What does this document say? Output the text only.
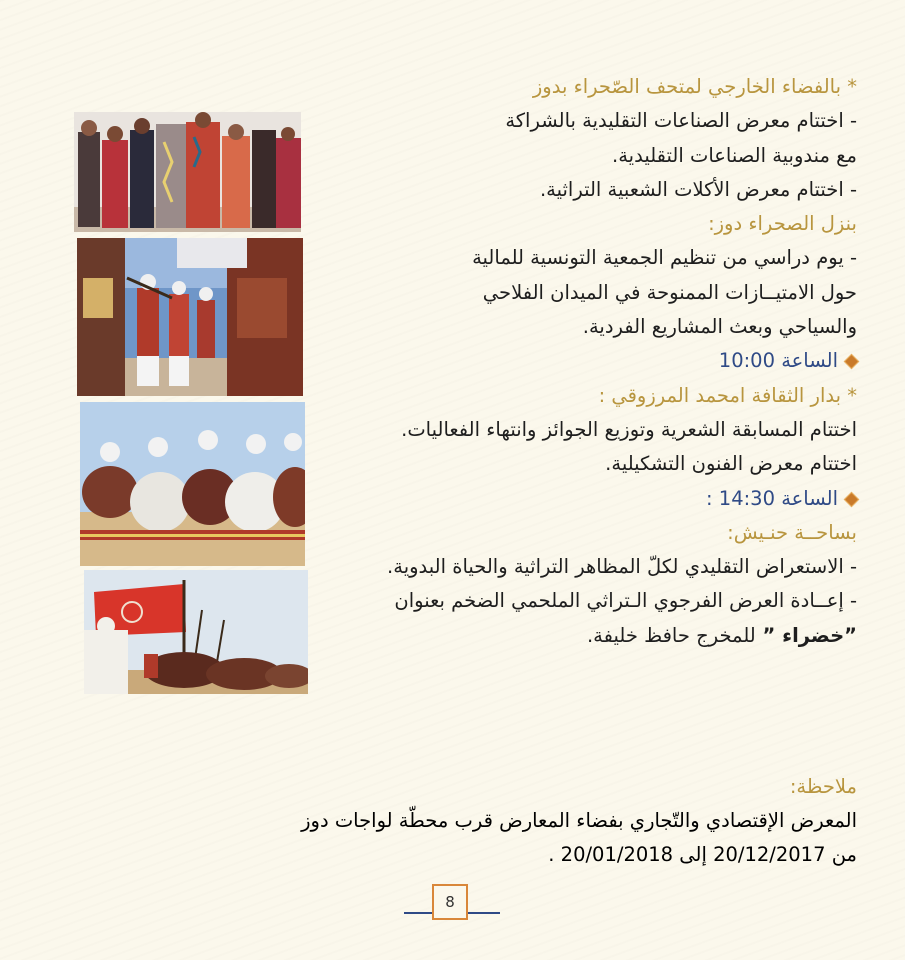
* بالفضاء الخارجي لمتحف الصّحراء بدوز
- اختتام معرض الصناعات التقليدية بالشراكة
مع مندوبية الصناعات التقليدية.
- اختتام معرض الأكلات الشعبية التراثية.
بنزل الصحراء دوز:
- يوم دراسي من تنظيم الجمعية التونسية للمالية
حول الامتيــازات الممنوحة في الميدان الفلاحي
والسياحي وبعث المشاريع الفردية.
الساعة 10:00
* بدار الثقافة امحمد المرزوقي :
اختتام المسابقة الشعرية وتوزيع الجوائز وانتهاء الفعاليات.
اختتام معرض الفنون التشكيلية.
الساعة 14:30 :
بساحــة حنـيش:
- الاستعراض التقليدي لكلّ المظاهر التراثية والحياة البدوية.
- إعــادة العرض الفرجوي الـتراثي الملحمي الضخم بعنوان
”خضراء ” للمخرج حافظ خليفة.
ملاحظة:
المعرض الإقتصادي والتّجاري بفضاء المعارض قرب محطّة لواجات دوز
من 20/12/2017 إلى 20/01/2018 .
8
